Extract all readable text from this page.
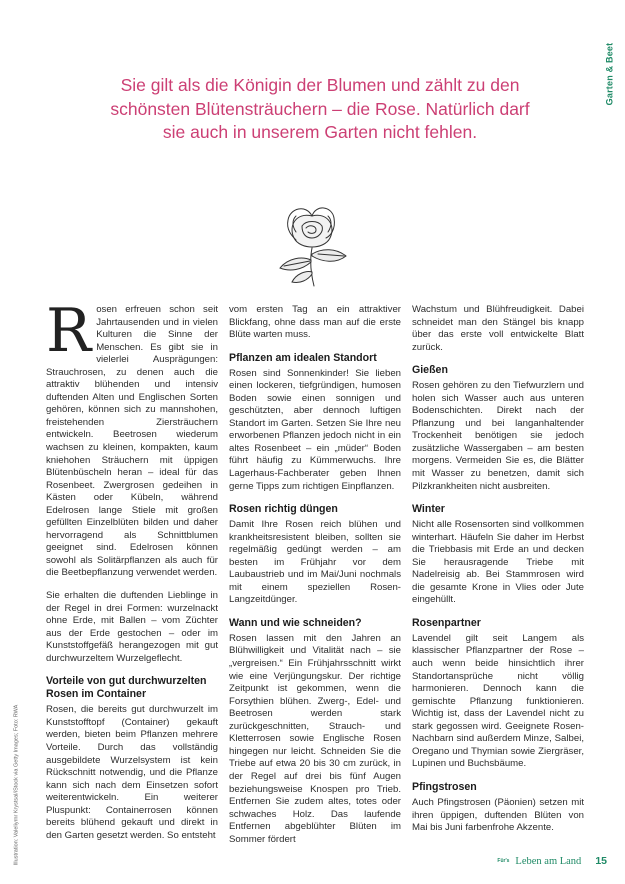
Garten & Beet
Sie gilt als die Königin der Blumen und zählt zu den schönsten Blütensträuchern – die Rose. Natürlich darf sie auch in unserem Garten nicht fehlen.

Rosen erfreuen schon seit Jahrtausenden und in vielen Kulturen die Sinne der Menschen. Es gibt sie in vielerlei Ausprägungen: Strauchrosen, zu denen auch die attraktiv blühenden und intensiv duftenden Alten und Englischen Sorten gehören, können sich zu mannshohen, freistehenden Ziersträuchern entwickeln. Beetrosen wiederum wachsen zu kleinen, kompakten, kaum kniehohen Sträuchern mit üppigen Blütenbüscheln heran – ideal für das Rosenbeet. Zwergrosen gedeihen in Kästen oder Kübeln, während Edelrosen lange Stiele mit großen gefüllten Einzelblüten bilden und daher hervorragend als Schnittblumen geeignet sind. Edelrosen können sowohl als Solitärpflanzen als auch für die Beetbepflanzung verwendet werden.

Sie erhalten die duftenden Lieblinge in der Regel in drei Formen: wurzelnackt ohne Erde, mit Ballen – vom Züchter aus der Erde gestochen – oder im Kunststoffgefäß herangezogen mit gut durchwurzeltem Wurzelgeflecht.

Vorteile von gut durchwurzelten Rosen im Container

Rosen, die bereits gut durchwurzelt im Kunststofftopf (Container) gekauft werden, bieten beim Pflanzen mehrere Vorteile. Durch das vollständig ausgebildete Wurzelsystem ist kein Rückschnitt notwendig, und die Pflanze kann sich nach dem Einsetzen sofort weiterentwickeln. Ein weiterer Pluspunkt: Containerrosen können bereits blühend gekauft und direkt in den Garten gesetzt werden. So entsteht

vom ersten Tag an ein attraktiver Blickfang, ohne dass man auf die erste Blüte warten muss.

Pflanzen am idealen Standort

Rosen sind Sonnenkinder! Sie lieben einen lockeren, tiefgründigen, humosen Boden sowie einen sonnigen und geschützten, aber dennoch luftigen Standort im Garten. Setzen Sie Ihre neu erworbenen Pflanzen jedoch nicht in ein altes Rosenbeet – ein „müder“ Boden führt häufig zu Kümmerwuchs. Ihre Lagerhaus-Fachberater geben Ihnen gerne Tipps zum richtigen Einpflanzen.

Rosen richtig düngen

Damit Ihre Rosen reich blühen und krankheitsresistent bleiben, sollten sie regelmäßig gedüngt werden – am besten im Frühjahr vor dem Laubaustrieb und im Mai/Juni nochmals mit einem speziellen Rosen-Langzeitdünger.

Wann und wie schneiden?

Rosen lassen mit den Jahren an Blühwilligkeit und Vitalität nach – sie „vergreisen.“ Ein Frühjahrsschnitt wirkt wie eine Verjüngungskur. Der richtige Zeitpunkt ist gekommen, wenn die Forsythien blühen. Zwerg-, Edel- und Beetrosen werden stark zurückgeschnitten, Strauch- und Kletterrosen sowie Englische Rosen hingegen nur leicht. Schneiden Sie die Triebe auf etwa 20 bis 30 cm zurück, in der Regel auf drei bis fünf Augen beziehungsweise Knospen pro Trieb. Entfernen Sie zudem altes, totes oder schwaches Holz. Das laufende Entfernen abgeblühter Blüten im Sommer fördert

Wachstum und Blühfreudigkeit. Dabei schneidet man den Stängel bis knapp über das erste voll entwickelte Blatt zurück.

Gießen

Rosen gehören zu den Tiefwurzlern und holen sich Wasser auch aus unteren Bodenschichten. Direkt nach der Pflanzung und bei langanhaltender Trockenheit benötigen sie jedoch zusätzliche Wassergaben – am besten morgens. Vermeiden Sie es, die Blätter mit Wasser zu benetzen, damit sich Pilzkrankheiten nicht ausbreiten.

Winter

Nicht alle Rosensorten sind vollkommen winterhart. Häufeln Sie daher im Herbst die Triebbasis mit Erde an und decken Sie herausragende Triebe mit Nadelreisig ab. Bei Stammrosen wird die gesamte Krone in Vlies oder Jute eingehüllt.

Rosenpartner

Lavendel gilt seit Langem als klassischer Pflanzpartner der Rose – auch wenn beide hinsichtlich ihrer Standortansprüche nicht völlig harmonieren. Dennoch kann die gemischte Pflanzung funktionieren. Wichtig ist, dass der Lavendel nicht zu stark gegossen wird. Geeignete Rosen-Nachbarn sind außerdem Minze, Salbei, Oregano und Thymian sowie Ziergräser, Lupinen und Buchsbäume.

Pfingstrosen

Auch Pfingstrosen (Päonien) setzen mit ihren üppigen, duftenden Blüten von Mai bis Juni farbenfrohe Akzente.

Illustration: Valeliyrnr Krystsal/iStock via Getty Images; Foto: RWA	Für's Leben am Land 15
